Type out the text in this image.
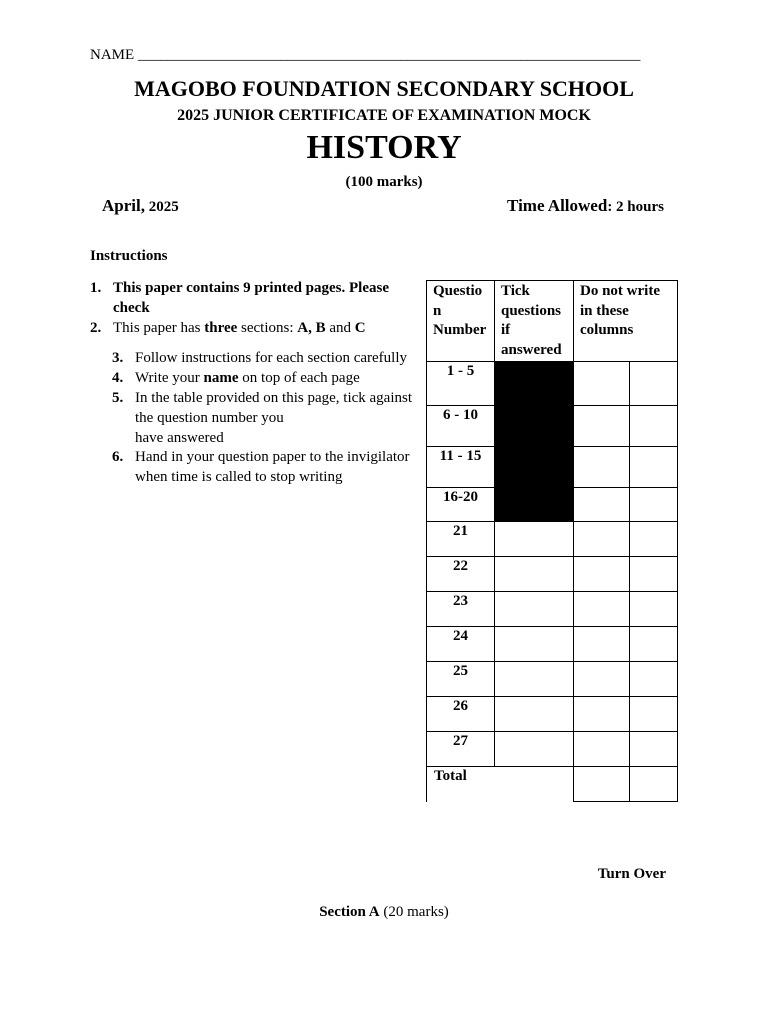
NAME ___________________________________________________________________
MAGOBO FOUNDATION SECONDARY SCHOOL
2025 JUNIOR CERTIFICATE OF EXAMINATION MOCK
HISTORY
(100 marks)
April, 2025	Time Allowed: 2 hours
Instructions
1. This paper contains 9 printed pages. Please
check
2. This paper has three sections: A, B and C
3. Follow instructions for each section carefully
4. Write your name on top of each page
5. In the table provided on this page, tick against
the question number you
have answered
6. Hand in your question paper to the invigilator
when time is called to stop writing
Questio n Number	Tick questions if answered	Do not write in these columns	
1 - 5			
6 - 10			
11 - 15			
16-20			
21			
22			
23			
24			
25			
26			
27			
Total			
Turn Over
Section A (20 marks)
